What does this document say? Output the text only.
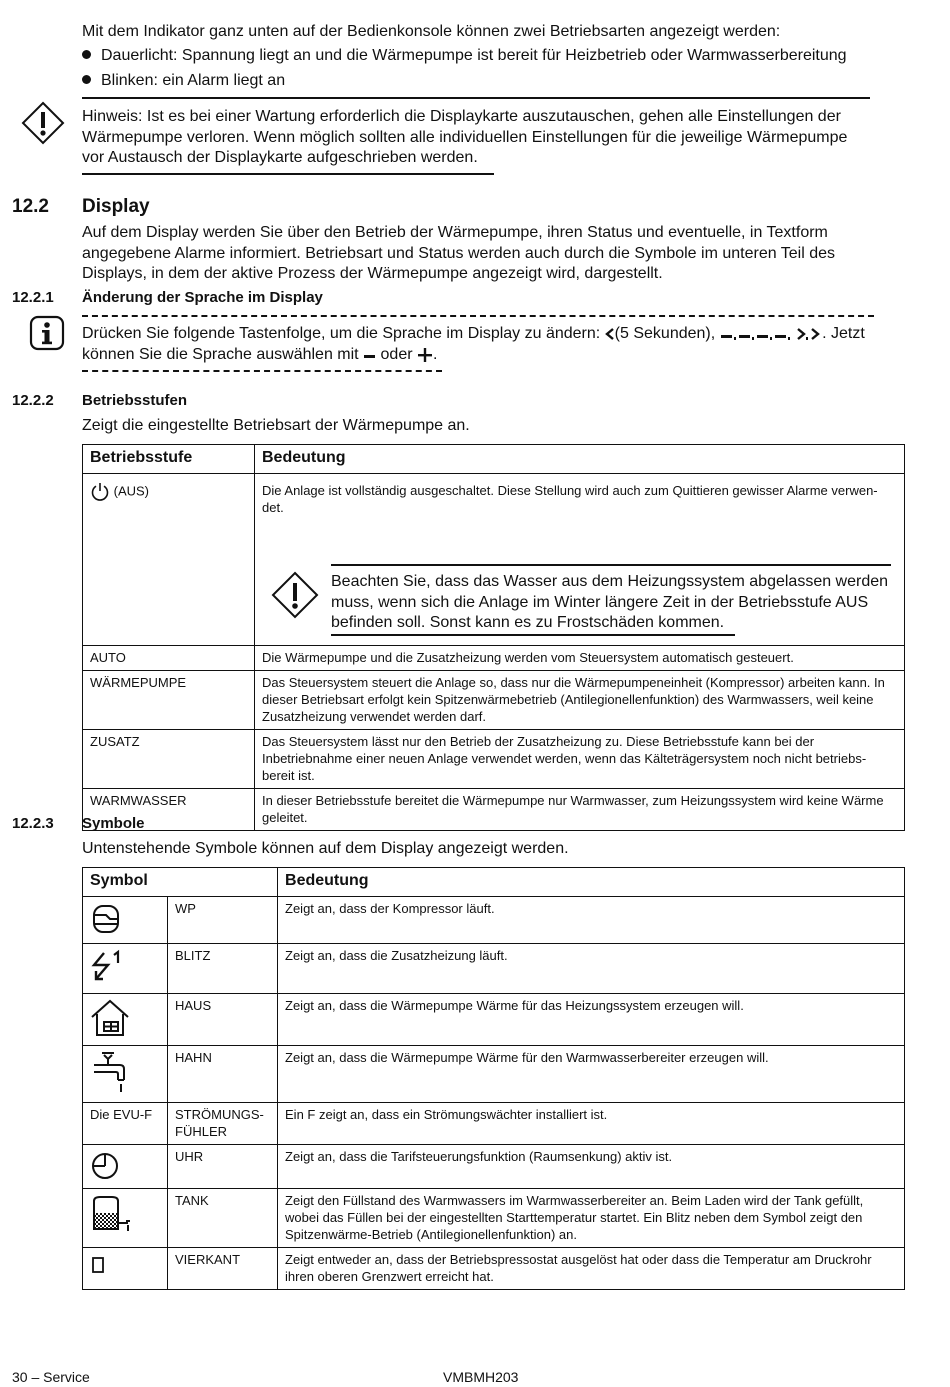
Mit dem Indikator ganz unten auf der Bedienkonsole können zwei Betriebsarten angezeigt werden:
Dauerlicht: Spannung liegt an und die Wärmepumpe ist bereit für Heizbetrieb oder Warmwasserbereitung
Blinken: ein Alarm liegt an
Hinweis: Ist es bei einer Wartung erforderlich die Displaykarte auszutauschen, gehen alle Einstellungen der
Wärmepumpe verloren. Wenn möglich sollten alle individuellen Einstellungen für die jeweilige Wärmepumpe
vor Austausch der Displaykarte aufgeschrieben werden.
12.2 Display
Auf dem Display werden Sie über den Betrieb der Wärmepumpe, ihren Status und eventuelle, in Textform
angegebene Alarme informiert. Betriebsart und Status werden auch durch die Symbole im unteren Teil des
Displays, in dem der aktive Prozess der Wärmepumpe angezeigt wird, dargestellt.
12.2.1 Änderung der Sprache im Display
Drücken Sie folgende Tastenfolge, um die Sprache im Display zu ändern: (5 Sekunden),	. Jetzt
können Sie die Sprache auswählen mit oder .
12.2.2 Betriebsstufen
Zeigt die eingestellte Betriebsart der Wärmepumpe an.
Betriebsstufe	Bedeutung
(AUS)	Die Anlage ist vollständig ausgeschaltet. Diese Stellung wird auch zum Quittieren gewisser Alarme verwen-det.
Beachten Sie, dass das Wasser aus dem Heizungssystem abgelassen werden muss, wenn sich die Anlage im Winter längere Zeit in der Betriebsstufe AUS befinden soll. Sonst kann es zu Frostschäden kommen.

AUTO	Die Wärmepumpe und die Zusatzheizung werden vom Steuersystem automatisch gesteuert.
WÄRMEPUMPE	Das Steuersystem steuert die Anlage so, dass nur die Wärmepumpeneinheit (Kompressor) arbeiten kann. In dieser Betriebsart erfolgt kein Spitzenwärmebetrieb (Antilegionellenfunktion) des Warmwassers, weil keine Zusatzheizung verwendet werden darf.
ZUSATZ	Das Steuersystem lässt nur den Betrieb der Zusatzheizung zu. Diese Betriebsstufe kann bei der Inbetriebnahme einer neuen Anlage verwendet werden, wenn das Kälteträgersystem noch nicht betriebs-bereit ist.
WARMWASSER	In dieser Betriebsstufe bereitet die Wärmepumpe nur Warmwasser, zum Heizungssystem wird keine Wärme geleitet.
12.2.3 Symbole
Untenstehende Symbole können auf dem Display angezeigt werden.
Symbol		Bedeutung
	WP	Zeigt an, dass der Kompressor läuft.
	BLITZ	Zeigt an, dass die Zusatzheizung läuft.
	HAUS	Zeigt an, dass die Wärmepumpe Wärme für das Heizungssystem erzeugen will.
	HAHN	Zeigt an, dass die Wärmepumpe Wärme für den Warmwasserbereiter erzeugen will.
Die EVU-F	STRÖMUNGS-FÜHLER	Ein F zeigt an, dass ein Strömungswächter installiert ist.
	UHR	Zeigt an, dass die Tarifsteuerungsfunktion (Raumsenkung) aktiv ist.
	TANK	Zeigt den Füllstand des Warmwassers im Warmwasserbereiter an. Beim Laden wird der Tank gefüllt, wobei das Füllen bei der eingestellten Starttemperatur startet. Ein Blitz neben dem Symbol zeigt den Spitzenwärme-Betrieb (Antilegionellenfunktion) an.
	VIERKANT	Zeigt entweder an, dass der Betriebspressostat ausgelöst hat oder dass die Temperatur am Druckrohr ihren oberen Grenzwert erreicht hat.
30 – Service	VMBMH203
